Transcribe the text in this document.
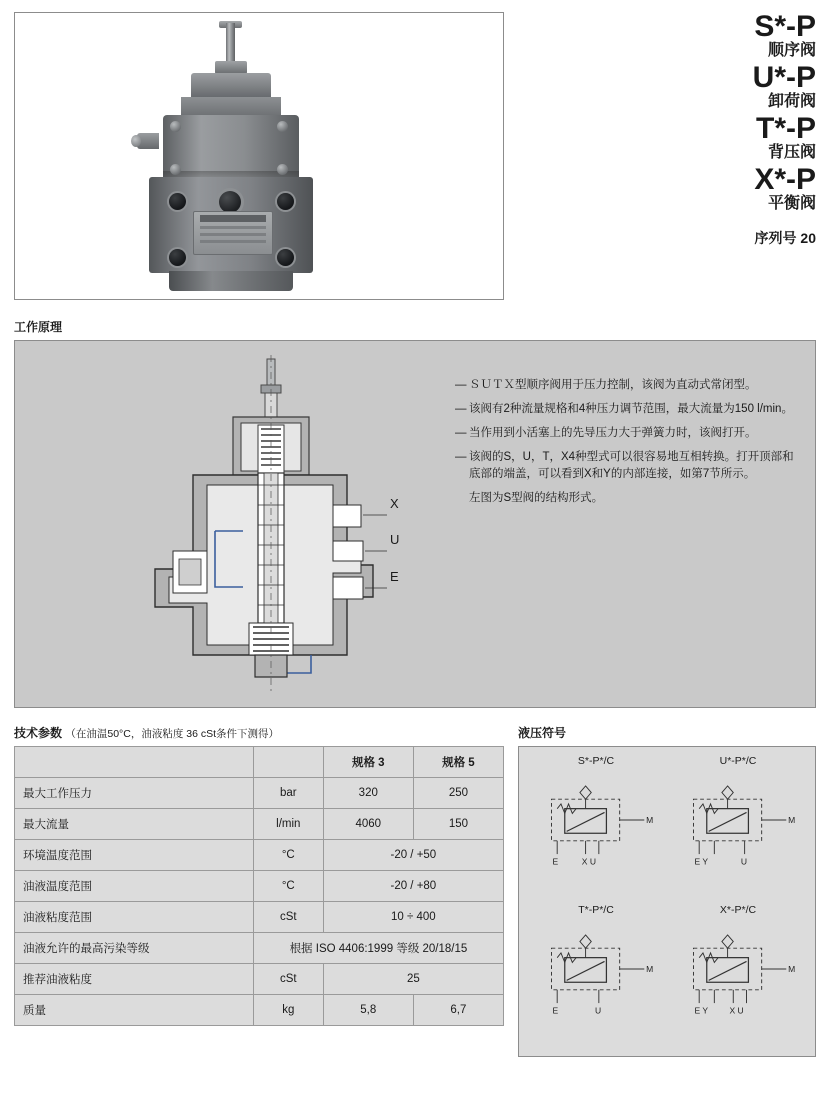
S*-P
顺序阀
U*-P
卸荷阀
T*-P
背压阀
X*-P
平衡阀
序列号 20
工作原理
X
U
E
— ＳＵＴＸ型顺序阀用于压力控制，该阀为直动式常闭型。
— 该阀有2种流量规格和4种压力调节范围，最大流量为150 l/min。
— 当作用到小活塞上的先导压力大于弹簧力时，该阀打开。
— 该阀的S，U，T，X4种型式可以很容易地互相转换。打开顶部和底部的端盖，可以看到X和Y的内部连接，如第7节所示。
左图为S型阀的结构形式。
技术参数 （在油温50°C，油液粘度 36 cSt条件下测得）	液压符号
		规格 3	规格 5
最大工作压力	bar	320	250
最大流量	l/min	4060	150
环境温度范围	°C	-20 / +50	
油液温度范围	°C	-20 / +80	
油液粘度范围	cSt	10 ÷ 400	
油液允许的最高污染等级	根据 ISO 4406:1999 等级 20/18/15		
推荐油液粘度	cSt	25	
质量	kg	5,8	6,7
S*-P*/C
M
E	X U
U*-P*/C
M
E Y	U
T*-P*/C
M
E	U
X*-P*/C
M
E Y X U
